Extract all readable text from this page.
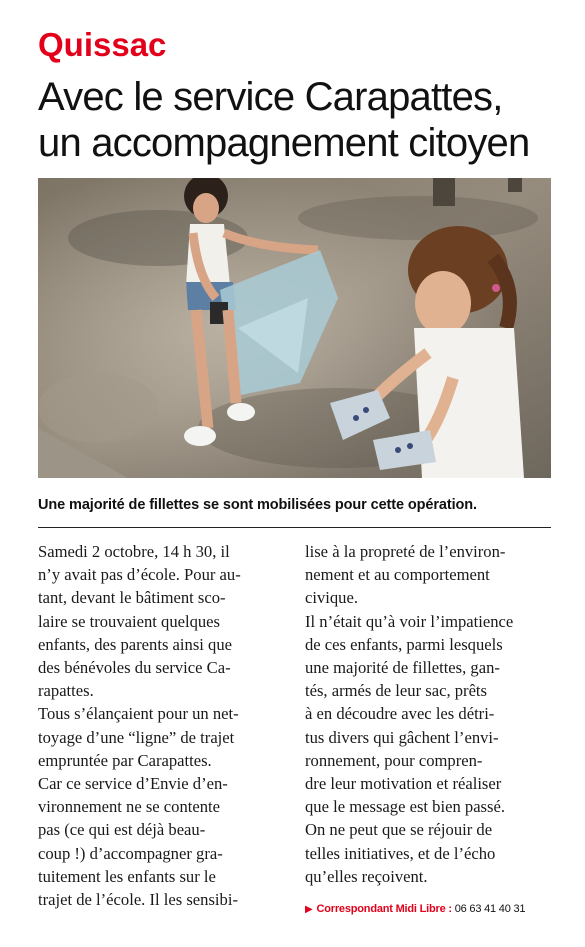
Quissac
Avec le service Carapattes,
un accompagnement citoyen
Une majorité de fillettes se sont mobilisées pour cette opération.

Samedi 2 octobre, 14 h 30, il

n’y avait pas d’école. Pour au-

tant, devant le bâtiment sco-

laire se trouvaient quelques

enfants, des parents ainsi que

des bénévoles du service Ca-

rapattes.

Tous s’élançaient pour un net-

toyage d’une “ligne” de trajet

empruntée par Carapattes.

Car ce service d’Envie d’en-

vironnement ne se contente

pas (ce qui est déjà beau-

coup !) d’accompagner gra-

tuitement les enfants sur le

trajet de l’école. Il les sensibi-

lise à la propreté de l’environ-

nement et au comportement

civique.

Il n’était qu’à voir l’impatience

de ces enfants, parmi lesquels

une majorité de fillettes, gan-

tés, armés de leur sac, prêts

à en découdre avec les détri-

tus divers qui gâchent l’envi-

ronnement, pour compren-

dre leur motivation et réaliser

que le message est bien passé.

On ne peut que se réjouir de

telles initiatives, et de l’écho

qu’elles reçoivent.

▶ Correspondant Midi Libre : 06 63 41 40 31
